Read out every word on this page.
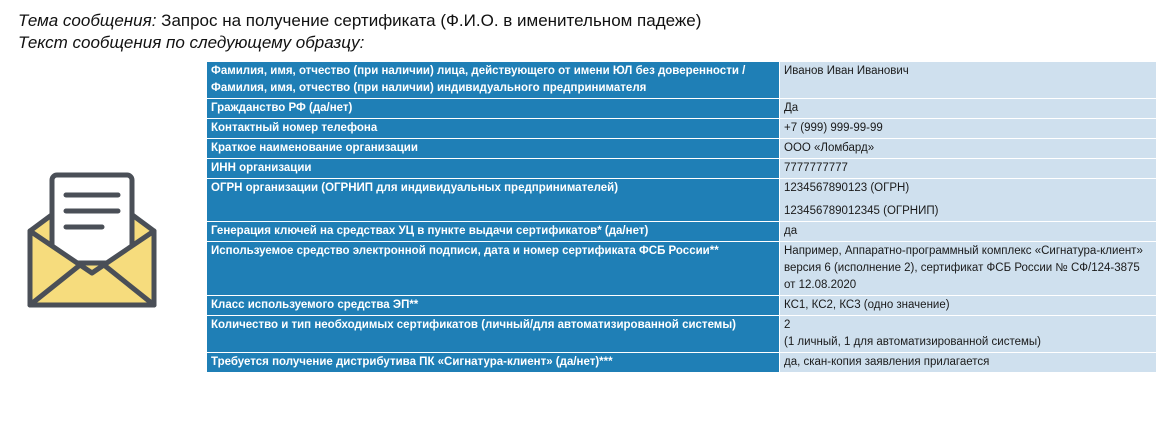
Тема сообщения: Запрос на получение сертификата (Ф.И.О. в именительном падеже)
Текст сообщения по следующему образцу:
Фамилия, имя, отчество (при наличии) лица, действующего от имени ЮЛ без доверенности / Фамилия, имя, отчество (при наличии) индивидуального предпринимателя	Иванов Иван Иванович

Гражданство РФ (да/нет)	Да

Контактный номер телефона	+7 (999) 999-99-99

Краткое наименование организации	ООО «Ломбард»

ИНН организации	7777777777

ОГРН организации (ОГРНИП для индивидуальных предпринимателей)	1234567890123 (ОГРН)
123456789012345 (ОГРНИП)

Генерация ключей на средствах УЦ в пункте выдачи сертификатов* (да/нет)	да

Используемое средство электронной подписи, дата и номер сертификата ФСБ России**	Например, Аппаратно-программный комплекс «Сигнатура-клиент» версия 6 (исполнение 2), сертификат ФСБ России № СФ/124-3875 от 12.08.2020

Класс используемого средства ЭП**	КС1, КС2, КС3 (одно значение)

Количество и тип необходимых сертификатов (личный/для автоматизированной системы)	2
(1 личный, 1 для автоматизированной системы)

Требуется получение дистрибутива ПК «Сигнатура-клиент» (да/нет)***	да, скан-копия заявления прилагается
